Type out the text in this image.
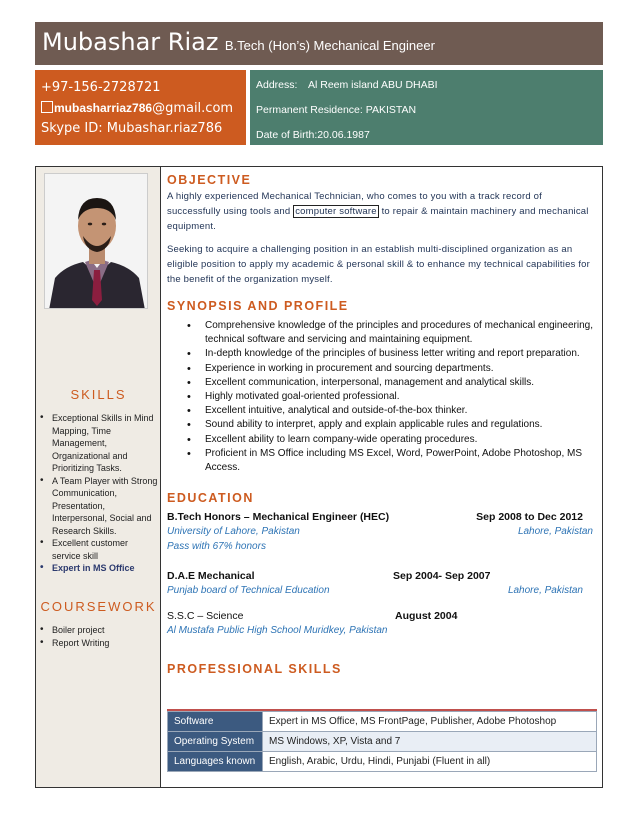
Mubashar Riaz B.Tech (Hon’s) Mechanical Engineer
+97-156-2728721
mubasharriaz786@gmail.com
Skype ID: Mubashar.riaz786
Address: Al Reem island ABU DHABI
Permanent Residence: PAKISTAN
Date of Birth:20.06.1987
SKILLS
• Exceptional Skills in Mind Mapping, Time Management, Organizational and Prioritizing Tasks.
• A Team Player with Strong Communication, Presentation, Interpersonal, Social and Research Skills.
• Excellent customer service skill
• Expert in MS Office
COURSEWORK
• Boiler project
• Report Writing
OBJECTIVE

A highly experienced Mechanical Technician, who comes to you with a track record of successfully using tools and computer software to repair & maintain machinery and mechanical equipment.

Seeking to acquire a challenging position in an establish multi-disciplined organization as an eligible position to apply my academic & personal skill & to enhance my technical capabilities for the benefit of the organization myself.

SYNOPSIS AND PROFILE
• Comprehensive knowledge of the principles and procedures of mechanical engineering, technical software and servicing and maintaining equipment.
• In-depth knowledge of the principles of business letter writing and report preparation.
• Experience in working in procurement and sourcing departments.
• Excellent communication, interpersonal, management and analytical skills.
• Highly motivated goal-oriented professional.
• Excellent intuitive, analytical and outside-of-the-box thinker.
• Sound ability to interpret, apply and explain applicable rules and regulations.
• Excellent ability to learn company-wide operating procedures.
• Proficient in MS Office including MS Excel, Word, PowerPoint, Adobe Photoshop, MS Access.
EDUCATION
B.Tech Honors – Mechanical Engineer (HEC)	Sep 2008 to Dec 2012
University of Lahore, Pakistan	Lahore, Pakistan
Pass with 67% honors
D.A.E Mechanical	Sep 2004- Sep 2007
Punjab board of Technical Education	Lahore, Pakistan
S.S.C – Science	August 2004
Al Mustafa Public High School Muridkey, Pakistan
PROFESSIONAL SKILLS
Software	Expert in MS Office, MS FrontPage, Publisher, Adobe Photoshop
Operating System	MS Windows, XP, Vista and 7
Languages known	English, Arabic, Urdu, Hindi, Punjabi (Fluent in all)
